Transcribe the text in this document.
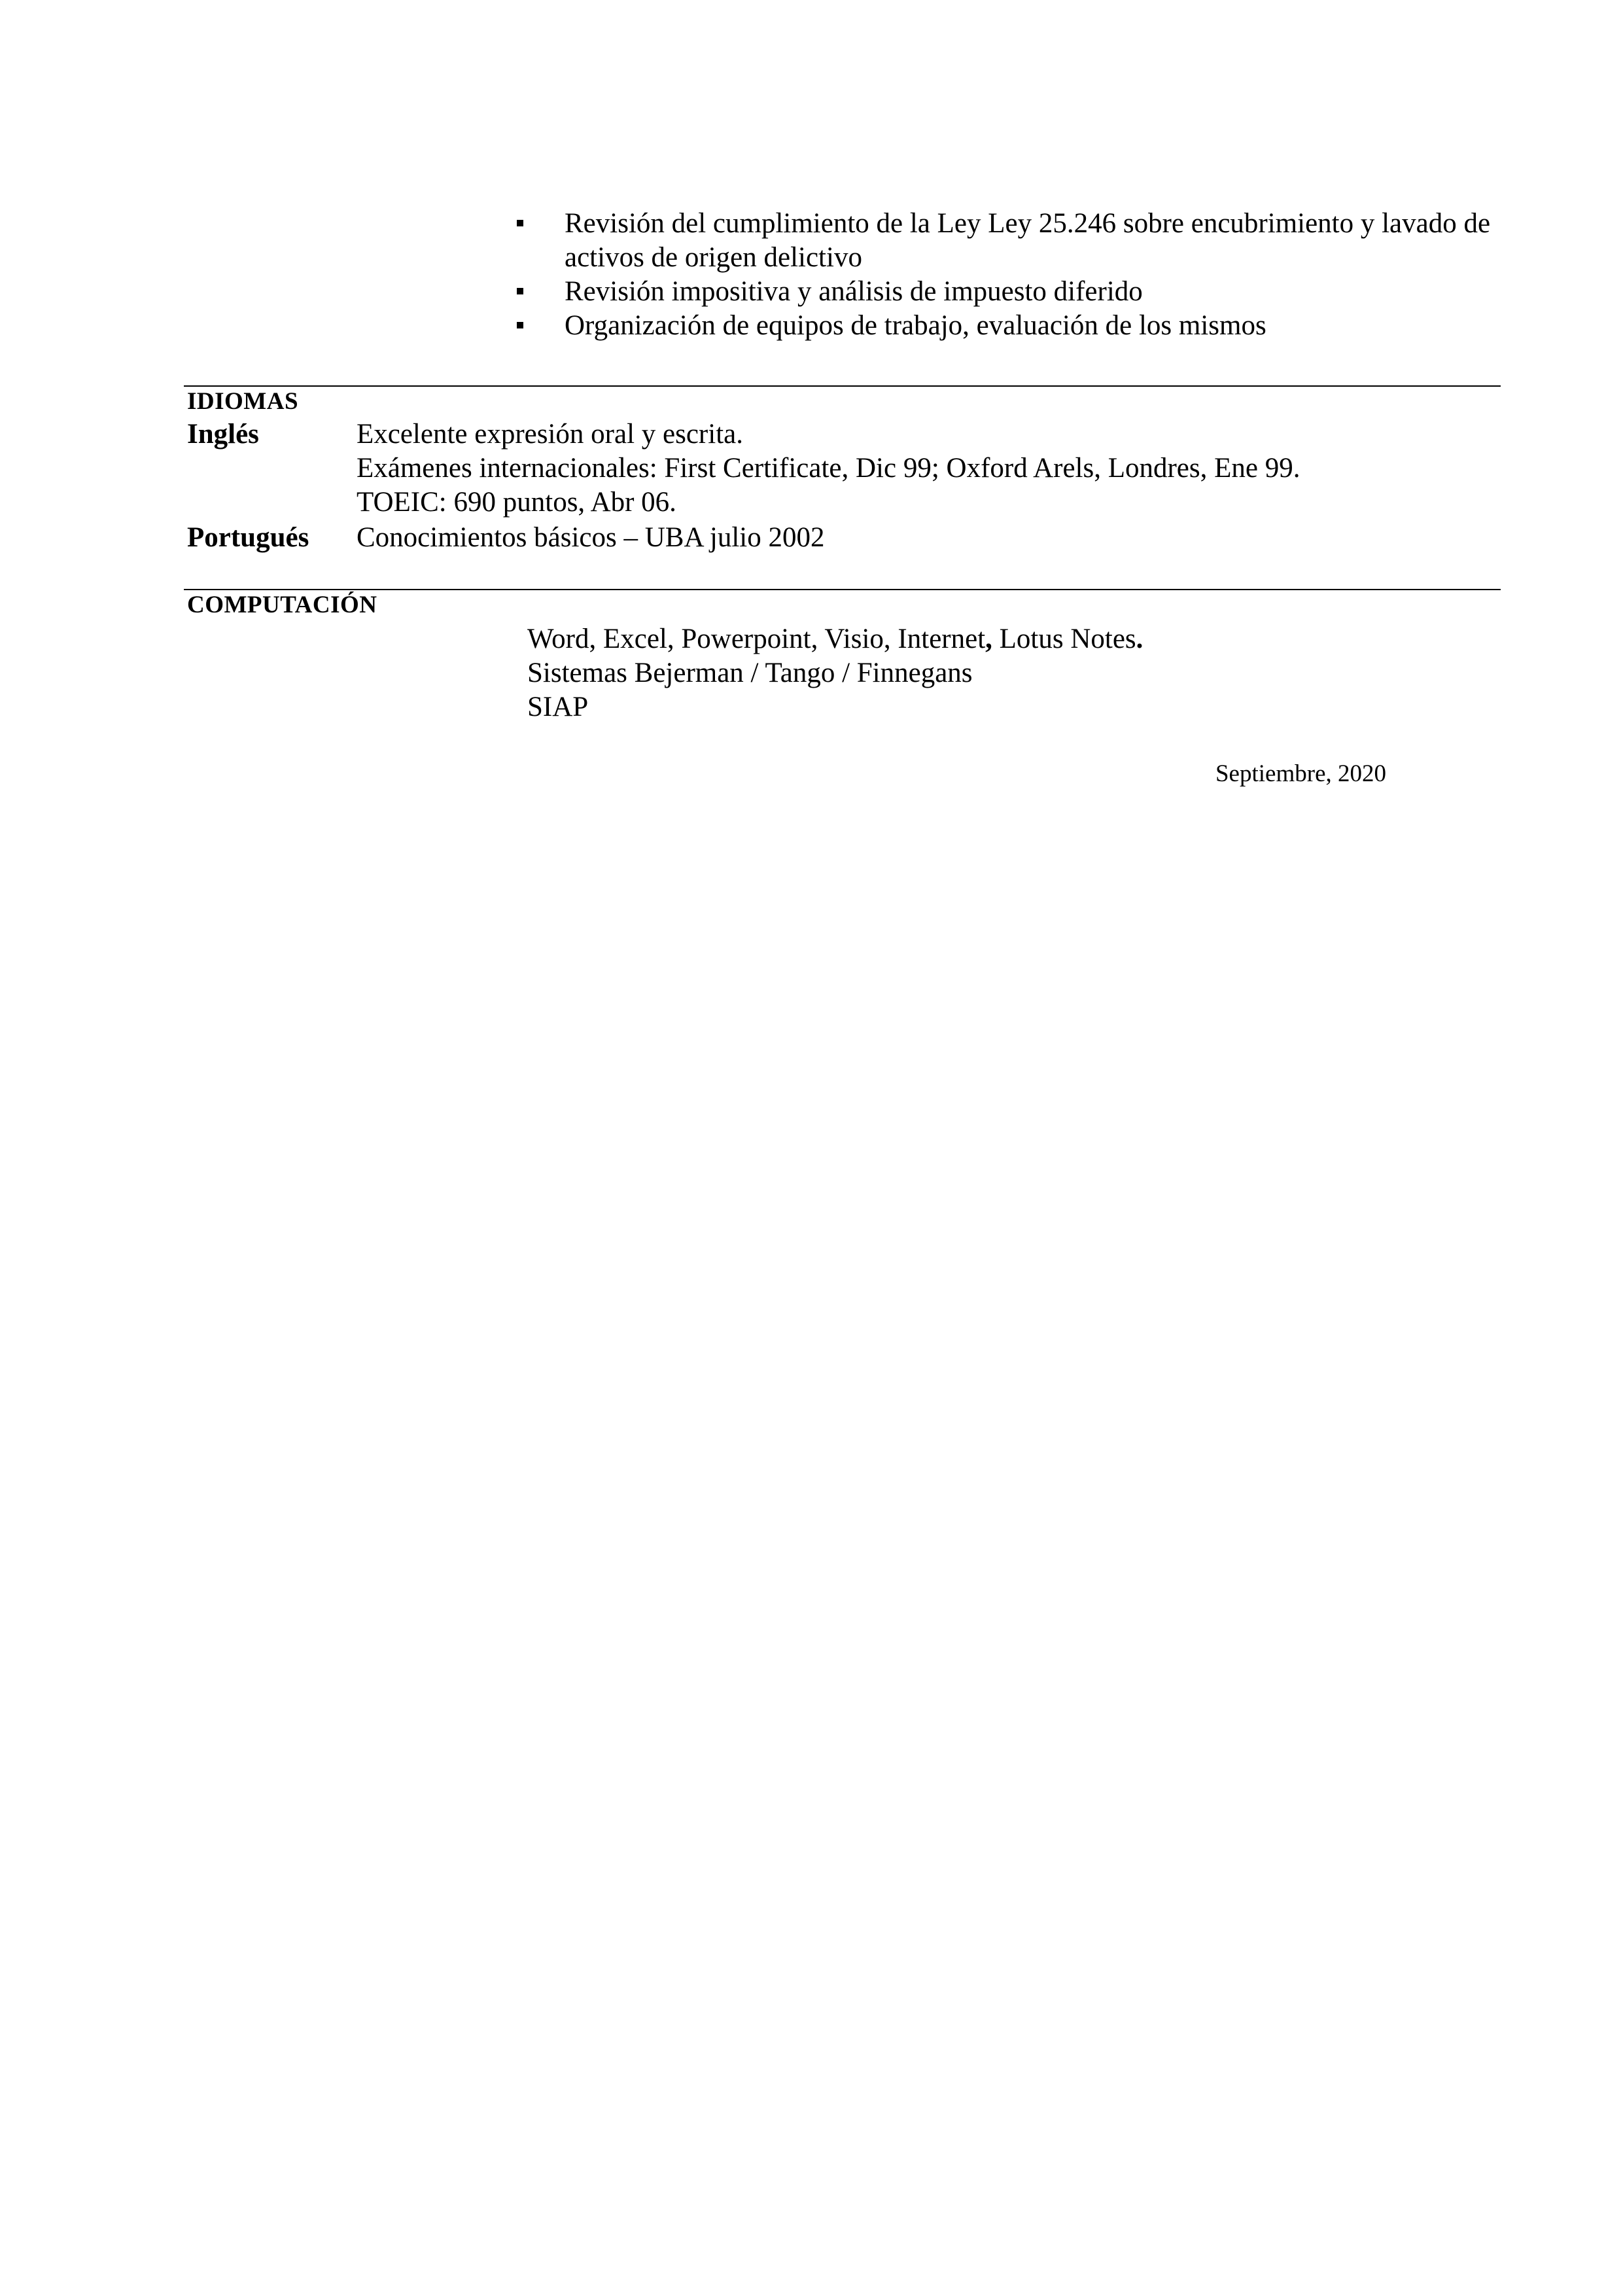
Revisión del cumplimiento de la Ley Ley 25.246 sobre encubrimiento y lavado de activos de origen delictivo
Revisión impositiva y análisis de impuesto diferido
Organización de equipos de trabajo, evaluación de los mismos
IDIOMAS
Inglés	Excelente expresión oral y escrita.
Exámenes internacionales: First Certificate, Dic 99; Oxford Arels, Londres, Ene 99.
TOEIC: 690 puntos, Abr 06.
Portugués Conocimientos básicos – UBA julio 2002
COMPUTACIÓN
Word, Excel, Powerpoint, Visio, Internet, Lotus Notes.
Sistemas Bejerman / Tango / Finnegans
SIAP
Septiembre, 2020
